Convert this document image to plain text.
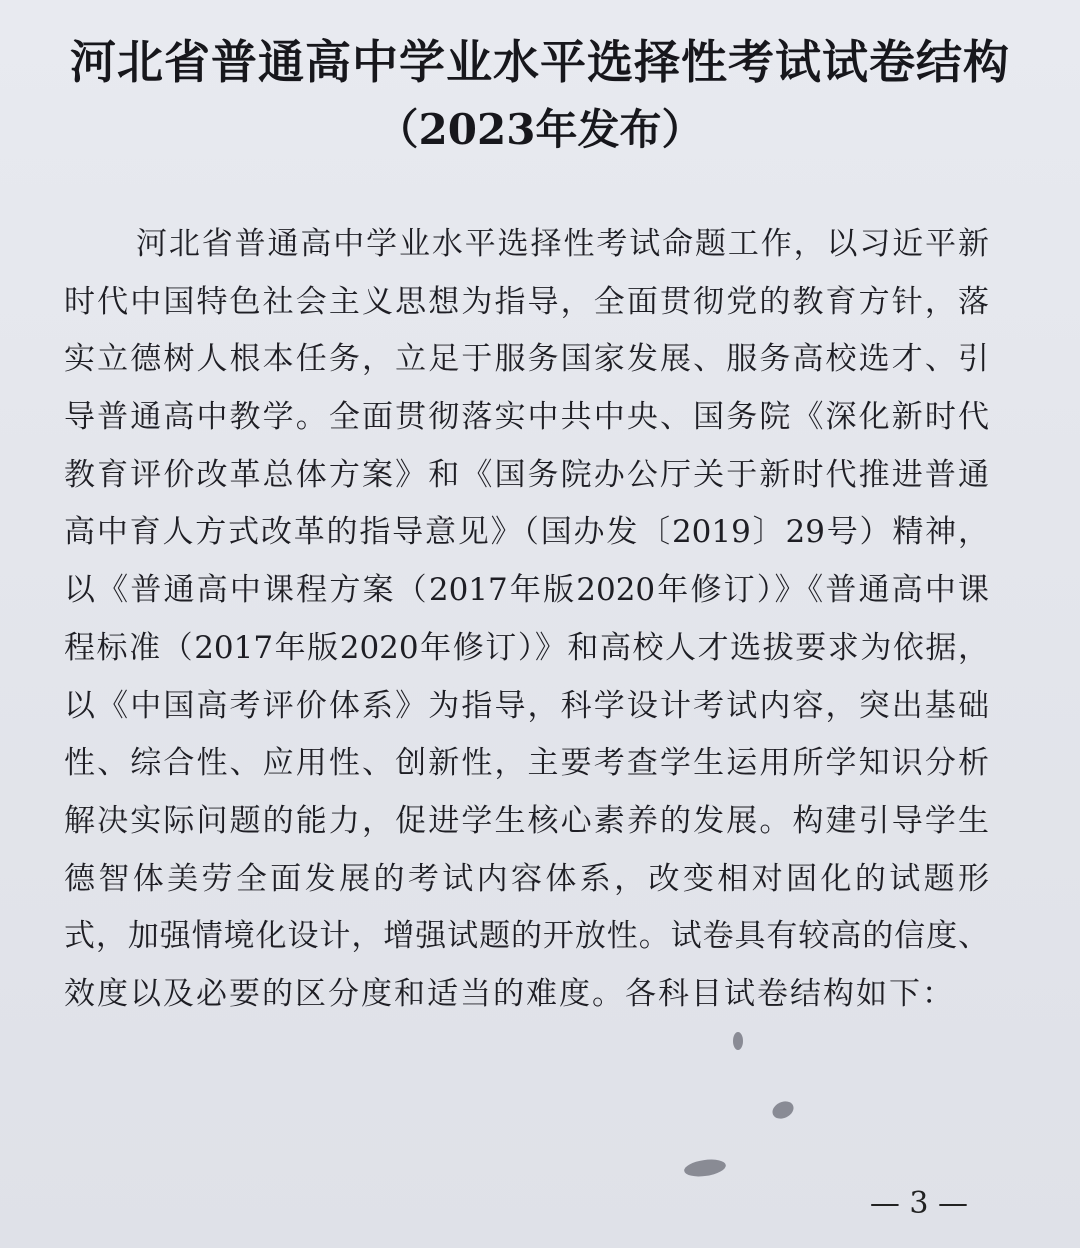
河北省普通高中学业水平选择性考试试卷结构
（2023年发布）
河北省普通高中学业水平选择性考试命题工作，以习近平新
时代中国特色社会主义思想为指导，全面贯彻党的教育方针，落
实立德树人根本任务，立足于服务国家发展、服务高校选才、引
导普通高中教学。全面贯彻落实中共中央、国务院《深化新时代
教育评价改革总体方案》和《国务院办公厅关于新时代推进普通
高中育人方式改革的指导意见》（国办发〔2019〕29号）精神，
以《普通高中课程方案（2017年版2020年修订）》《普通高中课
程标准（2017年版2020年修订）》和高校人才选拔要求为依据，
以《中国高考评价体系》为指导，科学设计考试内容，突出基础
性、综合性、应用性、创新性，主要考查学生运用所学知识分析
解决实际问题的能力，促进学生核心素养的发展。构建引导学生
德智体美劳全面发展的考试内容体系，改变相对固化的试题形
式，加强情境化设计，增强试题的开放性。试卷具有较高的信度、
效度以及必要的区分度和适当的难度。各科目试卷结构如下：
— 3 —
